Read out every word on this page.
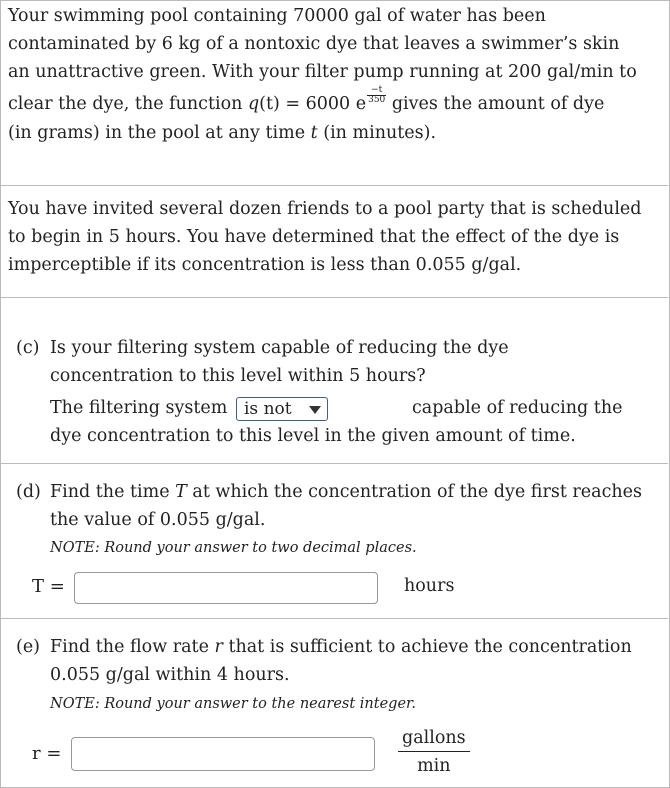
Your swimming pool containing 70000 gal of water has been
contaminated by 6 kg of a nontoxic dye that leaves a swimmer’s skin
an unattractive green. With your filter pump running at 200 gal/min to
clear the dye, the function q(t) = 6000 e $\frac{-t}{350}$ gives the amount of dye
(in grams) in the pool at any time t (in minutes).
You have invited several dozen friends to a pool party that is scheduled
to begin in 5 hours. You have determined that the effect of the dye is
imperceptible if its concentration is less than 0.055 g/gal.
(c) Is your filtering system capable of reducing the dye
concentration to this level within 5 hours?
The filtering system is not	capable of reducing the
dye concentration to this level in the given amount of time.
(d) Find the time T at which the concentration of the dye first reaches
the value of 0.055 g/gal.
NOTE: Round your answer to two decimal places.
T =	hours
(e) Find the flow rate r that is sufficient to achieve the concentration
0.055 g/gal within 4 hours.
NOTE: Round your answer to the nearest integer.
r =
gallons
min
